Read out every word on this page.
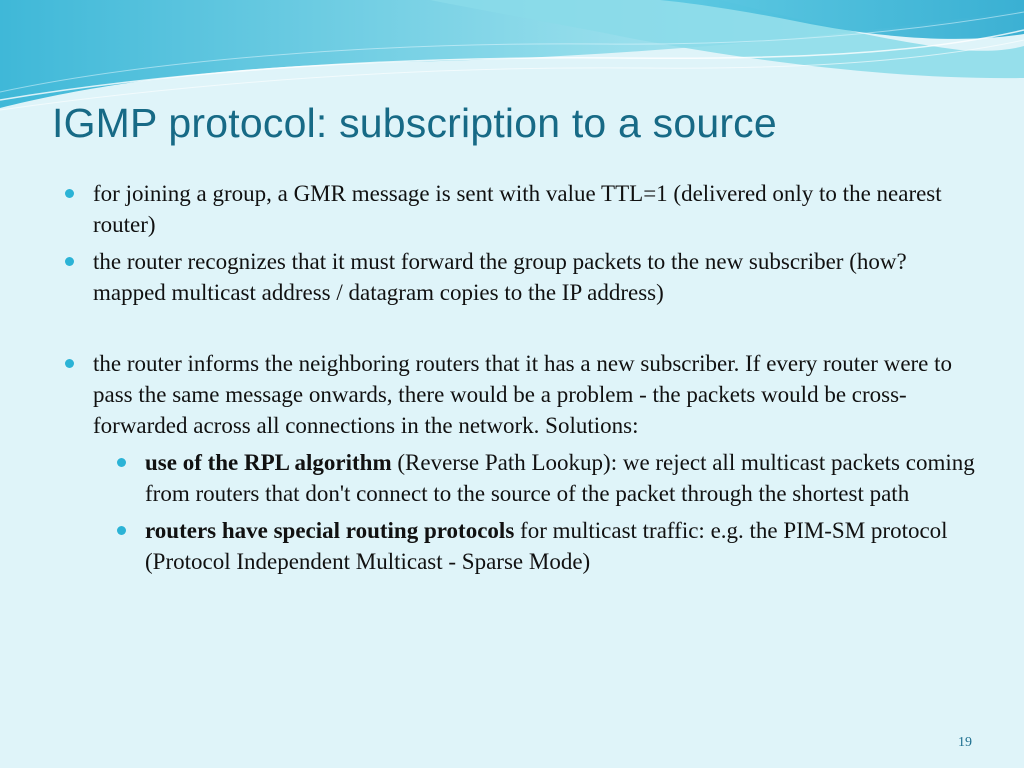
IGMP protocol: subscription to a source
for joining a group, a GMR message is sent with value TTL=1 (delivered only to the nearest router)
the router recognizes that it must forward the group packets to the new subscriber (how? mapped multicast address / datagram copies to the IP address)
the router informs the neighboring routers that it has a new subscriber. If every router were to pass the same message onwards, there would be a problem - the packets would be cross-forwarded across all connections in the network. Solutions:
use of the RPL algorithm (Reverse Path Lookup): we reject all multicast packets coming from routers that don't connect to the source of the packet through the shortest path
routers have special routing protocols for multicast traffic: e.g. the PIM-SM protocol (Protocol Independent Multicast - Sparse Mode)
19
